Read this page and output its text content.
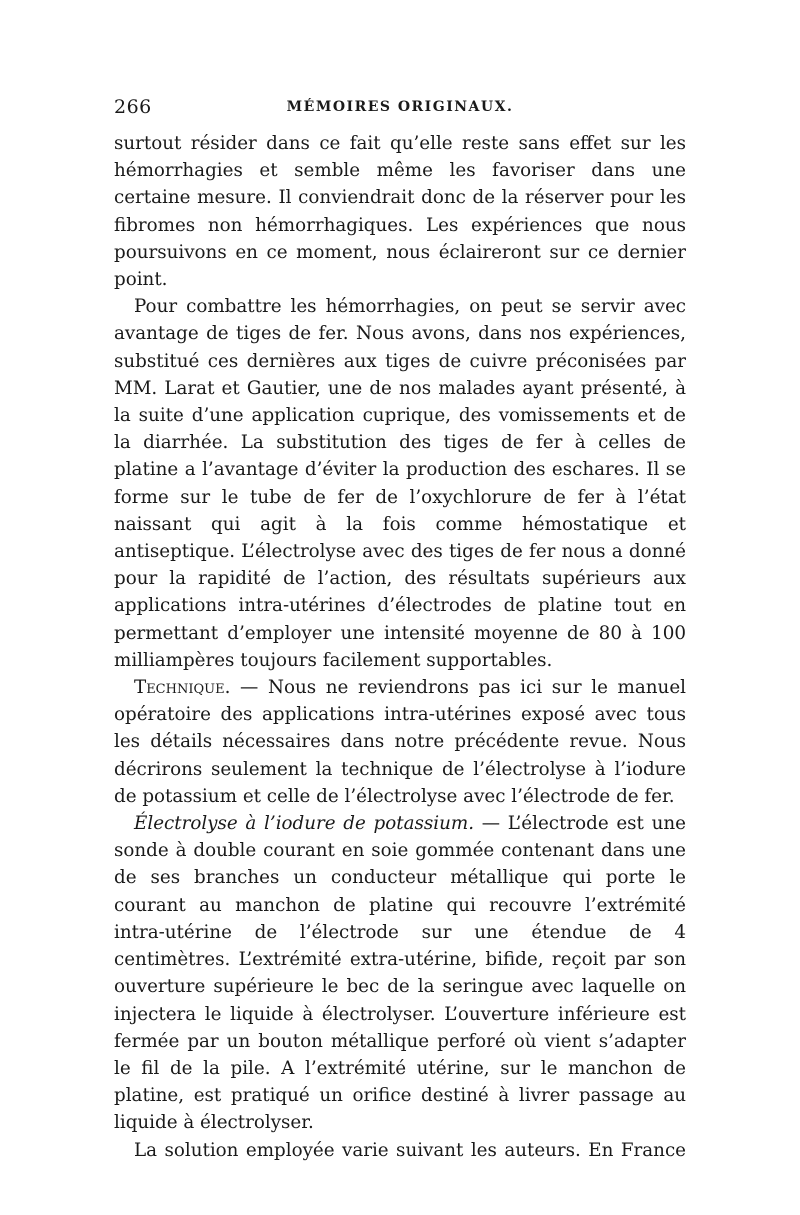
266	MÉMOIRES ORIGINAUX.

surtout résider dans ce fait qu’elle reste sans effet sur les hémorrhagies et semble même les favoriser dans une certaine mesure. Il conviendrait donc de la réserver pour les fibromes non hémorrhagiques. Les expériences que nous poursuivons en ce moment, nous éclaireront sur ce dernier point.

Pour combattre les hémorrhagies, on peut se servir avec avantage de tiges de fer. Nous avons, dans nos expériences, substitué ces dernières aux tiges de cuivre préconisées par MM. Larat et Gautier, une de nos malades ayant présenté, à la suite d’une application cuprique, des vomissements et de la diarrhée. La substitution des tiges de fer à celles de platine a l’avantage d’éviter la production des eschares. Il se forme sur le tube de fer de l’oxychlorure de fer à l’état naissant qui agit à la fois comme hémostatique et antiseptique. L’électrolyse avec des tiges de fer nous a donné pour la rapidité de l’action, des résultats supérieurs aux applications intra-utérines d’électrodes de platine tout en permettant d’employer une intensité moyenne de 80 à 100 milliampères toujours facilement supportables.

Technique. — Nous ne reviendrons pas ici sur le manuel opératoire des applications intra-utérines exposé avec tous les détails nécessaires dans notre précédente revue. Nous décrirons seulement la technique de l’électrolyse à l’iodure de potassium et celle de l’électrolyse avec l’électrode de fer.

Électrolyse à l’iodure de potassium. — L’électrode est une sonde à double courant en soie gommée contenant dans une de ses branches un conducteur métallique qui porte le courant au manchon de platine qui recouvre l’extrémité intra-utérine de l’électrode sur une étendue de 4 centimètres. L’extrémité extra-utérine, bifide, reçoit par son ouverture supérieure le bec de la seringue avec laquelle on injectera le liquide à électrolyser. L’ouverture inférieure est fermée par un bouton métallique perforé où vient s’adapter le fil de la pile. A l’extrémité utérine, sur le manchon de platine, est pratiqué un orifice destiné à livrer passage au liquide à électrolyser.

La solution employée varie suivant les auteurs. En France
